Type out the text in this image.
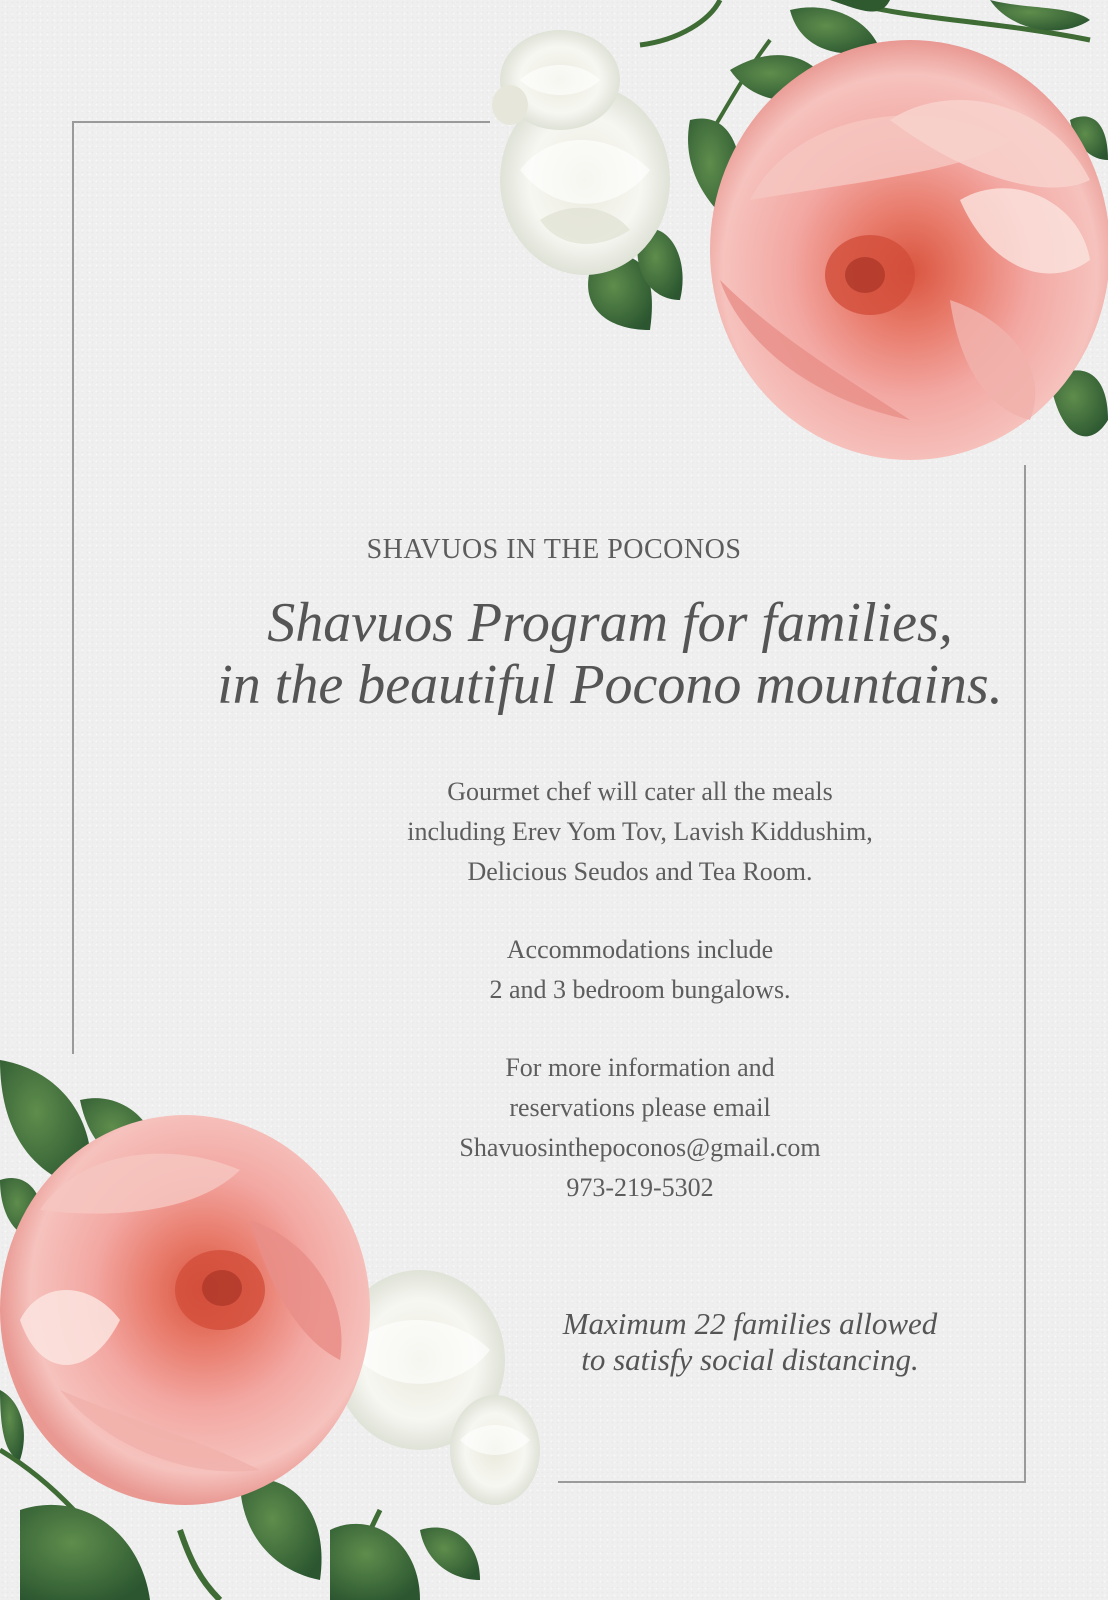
SHAVUOS IN THE POCONOS
Shavuos Program for families,
in the beautiful Pocono mountains.
Gourmet chef will cater all the meals
including Erev Yom Tov, Lavish Kiddushim,
Delicious Seudos and Tea Room.
Accommodations include
2 and 3 bedroom bungalows.
For more information and
reservations please email
Shavuosinthepoconos@gmail.com
973-219-5302
Maximum 22 families allowed
to satisfy social distancing.
